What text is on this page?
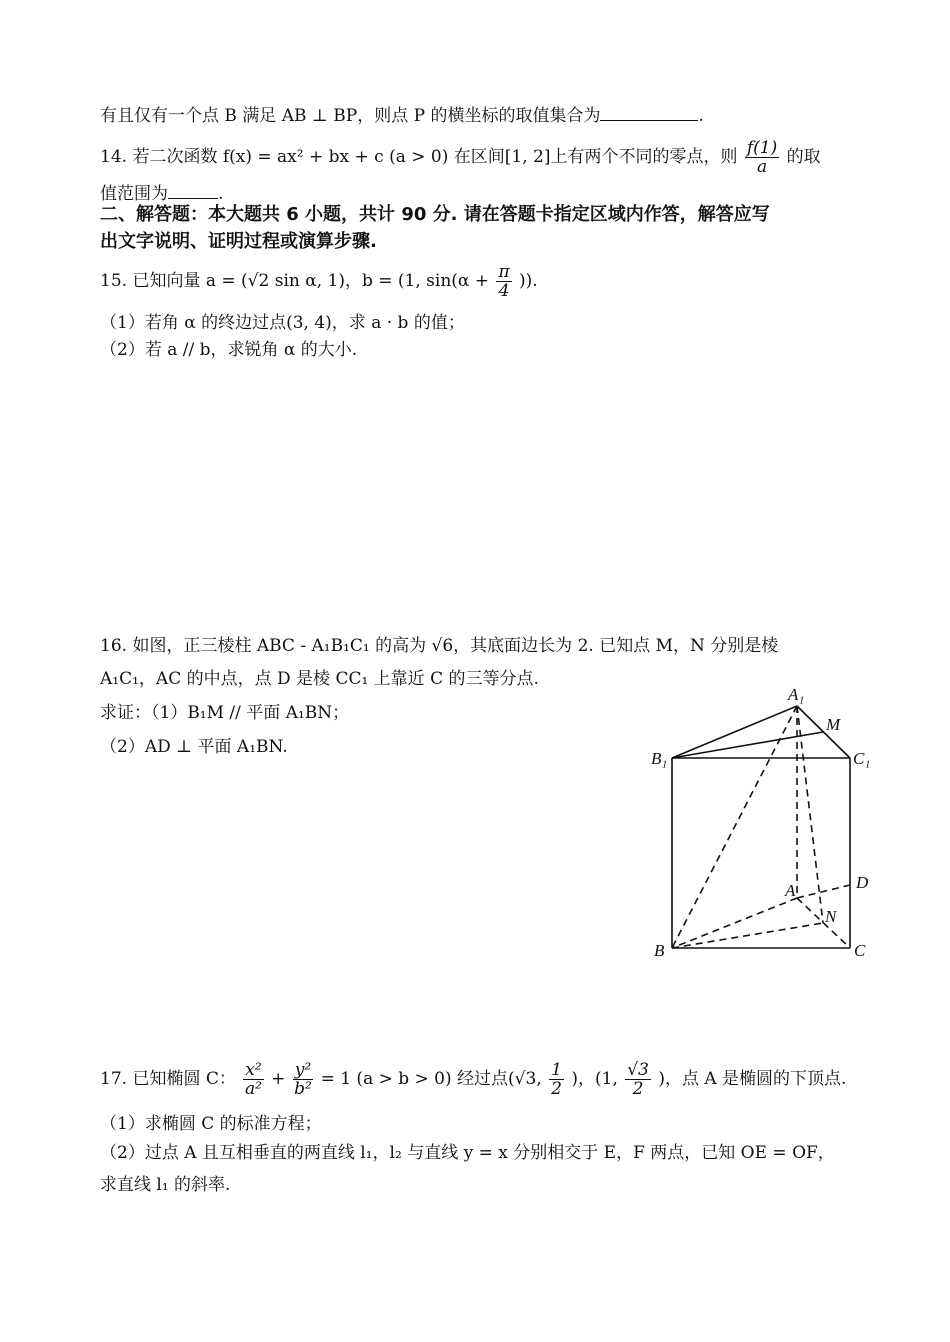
有且仅有一个点 B 满足 AB ⊥ BP，则点 P 的横坐标的取值集合为	.
14. 若二次函数 f(x) = ax² + bx + c (a > 0) 在区间[1, 2]上有两个不同的零点，则 $\frac{f(1)}{a}$ 的取
值范围为	.
二、解答题：本大题共 6 小题，共计 90 分. 请在答题卡指定区域内作答，解答应写
出文字说明、证明过程或演算步骤.
15. 已知向量 a = (√2 sin α, 1)，b = (1, $\sin(\alpha + \frac{\pi}{4}$ )).
（1）若角 α 的终边过点(3, 4)，求 a · b 的值；
（2）若 a // b，求锐角 α 的大小.
16. 如图，正三棱柱 ABC - A₁B₁C₁ 的高为 √6，其底面边长为 2. 已知点 M，N 分别是棱
A₁C₁，AC 的中点，点 D 是棱 CC₁ 上靠近 C 的三等分点.
求证：（1）B₁M // 平面 A₁BN；
（2）AD ⊥ 平面 A₁BN.
A₁
M
B₁	C₁
A	D
N
B	C
17. 已知椭圆 C： $\frac{\text{x²}}{\text{a²}} + \frac{\text{y²}}{\text{b²}} = 1$ (a > b > 0) 经过点(√3, $\frac{1}{2}$ )，(1, $\frac{√3}{2}$ )，点 A 是椭圆的下顶点.
（1）求椭圆 C 的标准方程；
（2）过点 A 且互相垂直的两直线 l₁，l₂ 与直线 y = x 分别相交于 E，F 两点，已知 OE = OF，
求直线 l₁ 的斜率.
